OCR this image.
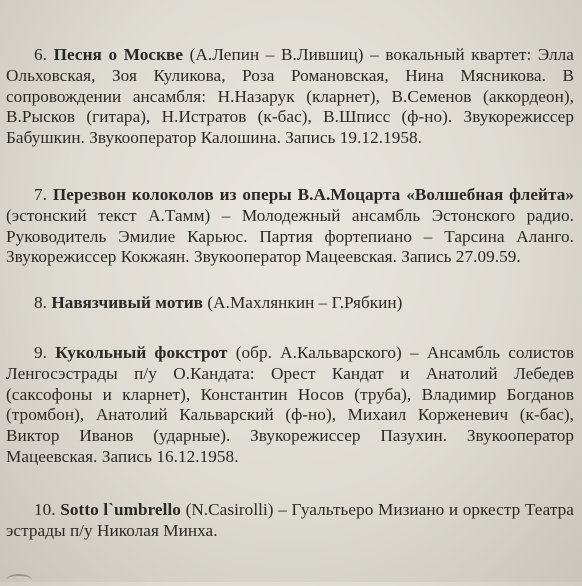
6. Песня о Москве (А.Лепин – В.Лившиц) – вокальный квартет: Элла Ольховская, Зоя Куликова, Роза Романовская, Нина Мясникова. В сопровождении ансамбля: Н.Назарук (кларнет), В.Семенов (аккордеон), В.Рысков (гитара), Н.Истратов (к-бас), В.Шписс (ф-но). Звукорежиссер Бабушкин. Звукооператор Калошина. Запись 19.12.1958.

7. Перезвон колоколов из оперы В.А.Моцарта «Волшебная флейта» (эстонский текст А.Тамм) – Молодежный ансамбль Эстонского радио. Руководитель Эмилие Карьюс. Партия фортепиано – Тарсина Аланго. Звукорежиссер Кокжаян. Звукооператор Мацеевская. Запись 27.09.59.

8. Навязчивый мотив (А.Махлянкин – Г.Рябкин)

9. Кукольный фокстрот (обр. А.Кальварского) – Ансамбль солистов Ленгосэстрады п/у О.Кандата: Орест Кандат и Анатолий Лебедев (саксофоны и кларнет), Константин Носов (труба), Владимир Богданов (тромбон), Анатолий Кальварский (ф-но), Михаил Корженевич (к-бас), Виктор Иванов (ударные). Звукорежиссер Пазухин. Звукооператор Мацеевская. Запись 16.12.1958.

10. Sotto l`umbrello (N.Casirolli) – Гуальтьеро Мизиано и оркестр Театра эстрады п/у Николая Минха.
